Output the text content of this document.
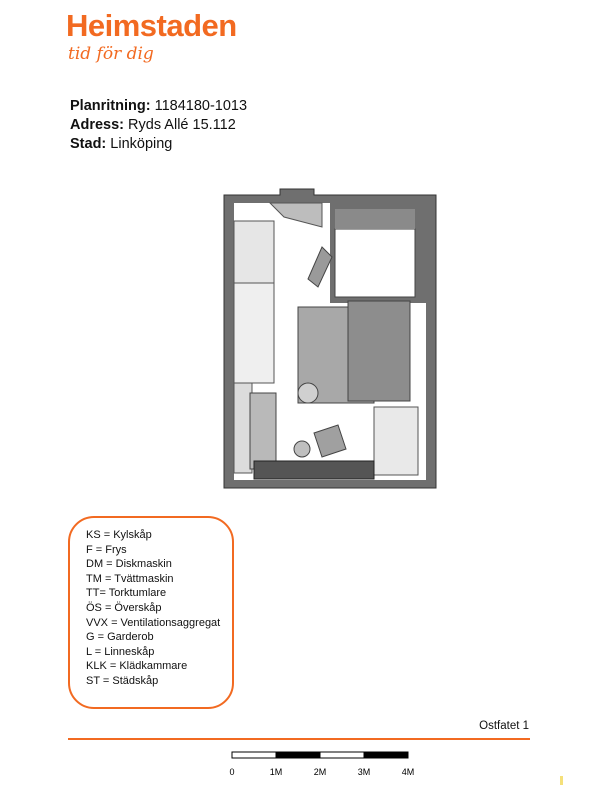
Heimstaden
tid för dig
Planritning: 1184180-1013
Adress: Ryds Allé 15.112
Stad: Linköping
KS = Kylskåp
F = Frys
DM = Diskmaskin
TM = Tvättmaskin
TT= Torktumlare
ÖS = Överskåp
VVX = Ventilationsaggregat
G = Garderob
L = Linneskåp
KLK = Klädkammare
ST = Städskåp
Ostfatet 1
0	1M	2M	3M	4M
